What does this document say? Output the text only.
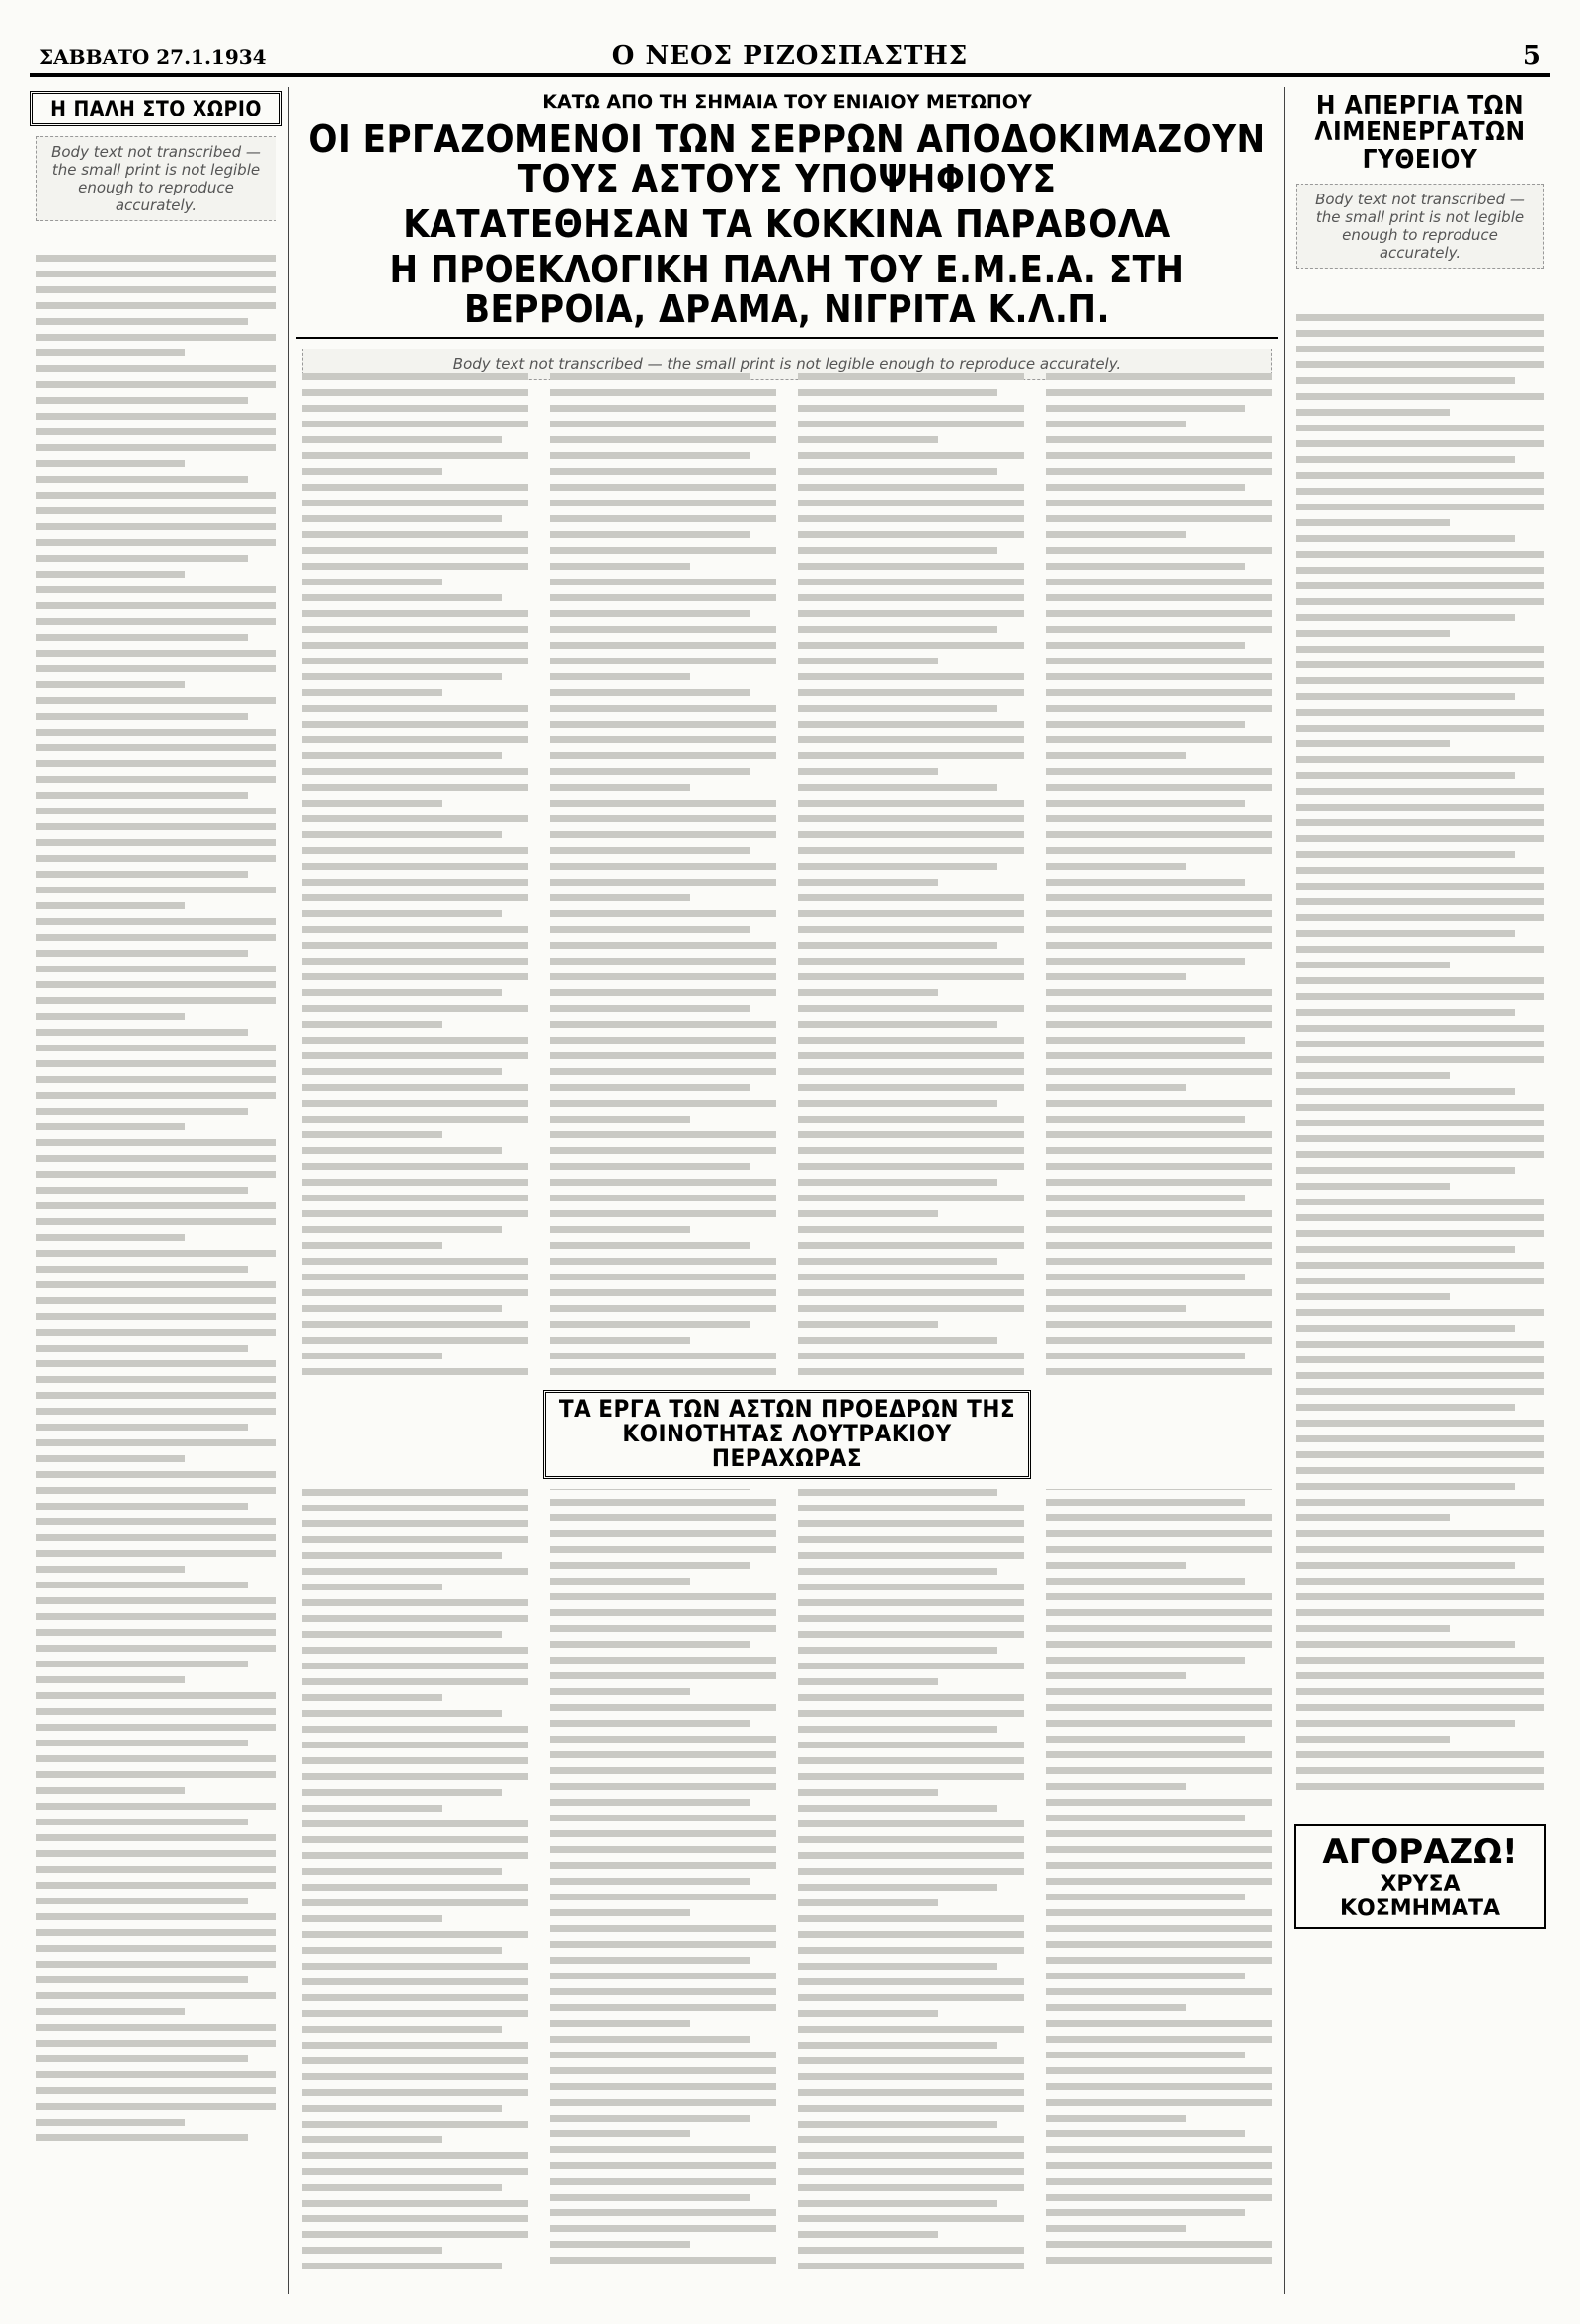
ΣΑΒΒΑΤΟ 27.1.1934	Ο ΝΕΟΣ ΡΙΖΟΣΠΑΣΤΗΣ	5
Η ΠΑΛΗ ΣΤΟ ΧΩΡΙΟ
Body text not transcribed — the small print is not legible enough to reproduce accurately.
ΚΑΤΩ ΑΠΟ ΤΗ ΣΗΜΑΙΑ ΤΟΥ ΕΝΙΑΙΟΥ ΜΕΤΩΠΟΥ
ΟΙ ΕΡΓΑΖΟΜΕΝΟΙ ΤΩΝ ΣΕΡΡΩΝ ΑΠΟΔΟΚΙΜΑΖΟΥΝ ΤΟΥΣ ΑΣΤΟΥΣ ΥΠΟΨΗΦΙΟΥΣ
ΚΑΤΑΤΕΘΗΣΑΝ ΤΑ ΚΟΚΚΙΝΑ ΠΑΡΑΒΟΛΑ
Η ΠΡΟΕΚΛΟΓΙΚΗ ΠΑΛΗ ΤΟΥ Ε.Μ.Ε.Α. ΣΤΗ ΒΕΡΡΟΙΑ, ΔΡΑΜΑ, ΝΙΓΡΙΤΑ Κ.Λ.Π.
Body text not transcribed — the small print is not legible enough to reproduce accurately.
ΤΑ ΕΡΓΑ ΤΩΝ ΑΣΤΩΝ ΠΡΟΕΔΡΩΝ ΤΗΣ ΚΟΙΝΟΤΗΤΑΣ ΛΟΥΤΡΑΚΙΟΥ ΠΕΡΑΧΩΡΑΣ
Η ΑΠΕΡΓΙΑ ΤΩΝ ΛΙΜΕΝΕΡΓΑΤΩΝ ΓΥΘΕΙΟΥ
Body text not transcribed — the small print is not legible enough to reproduce accurately.
ΑΓΟΡΑΖΩ!
ΧΡΥΣΑ ΚΟΣΜΗΜΑΤΑ
